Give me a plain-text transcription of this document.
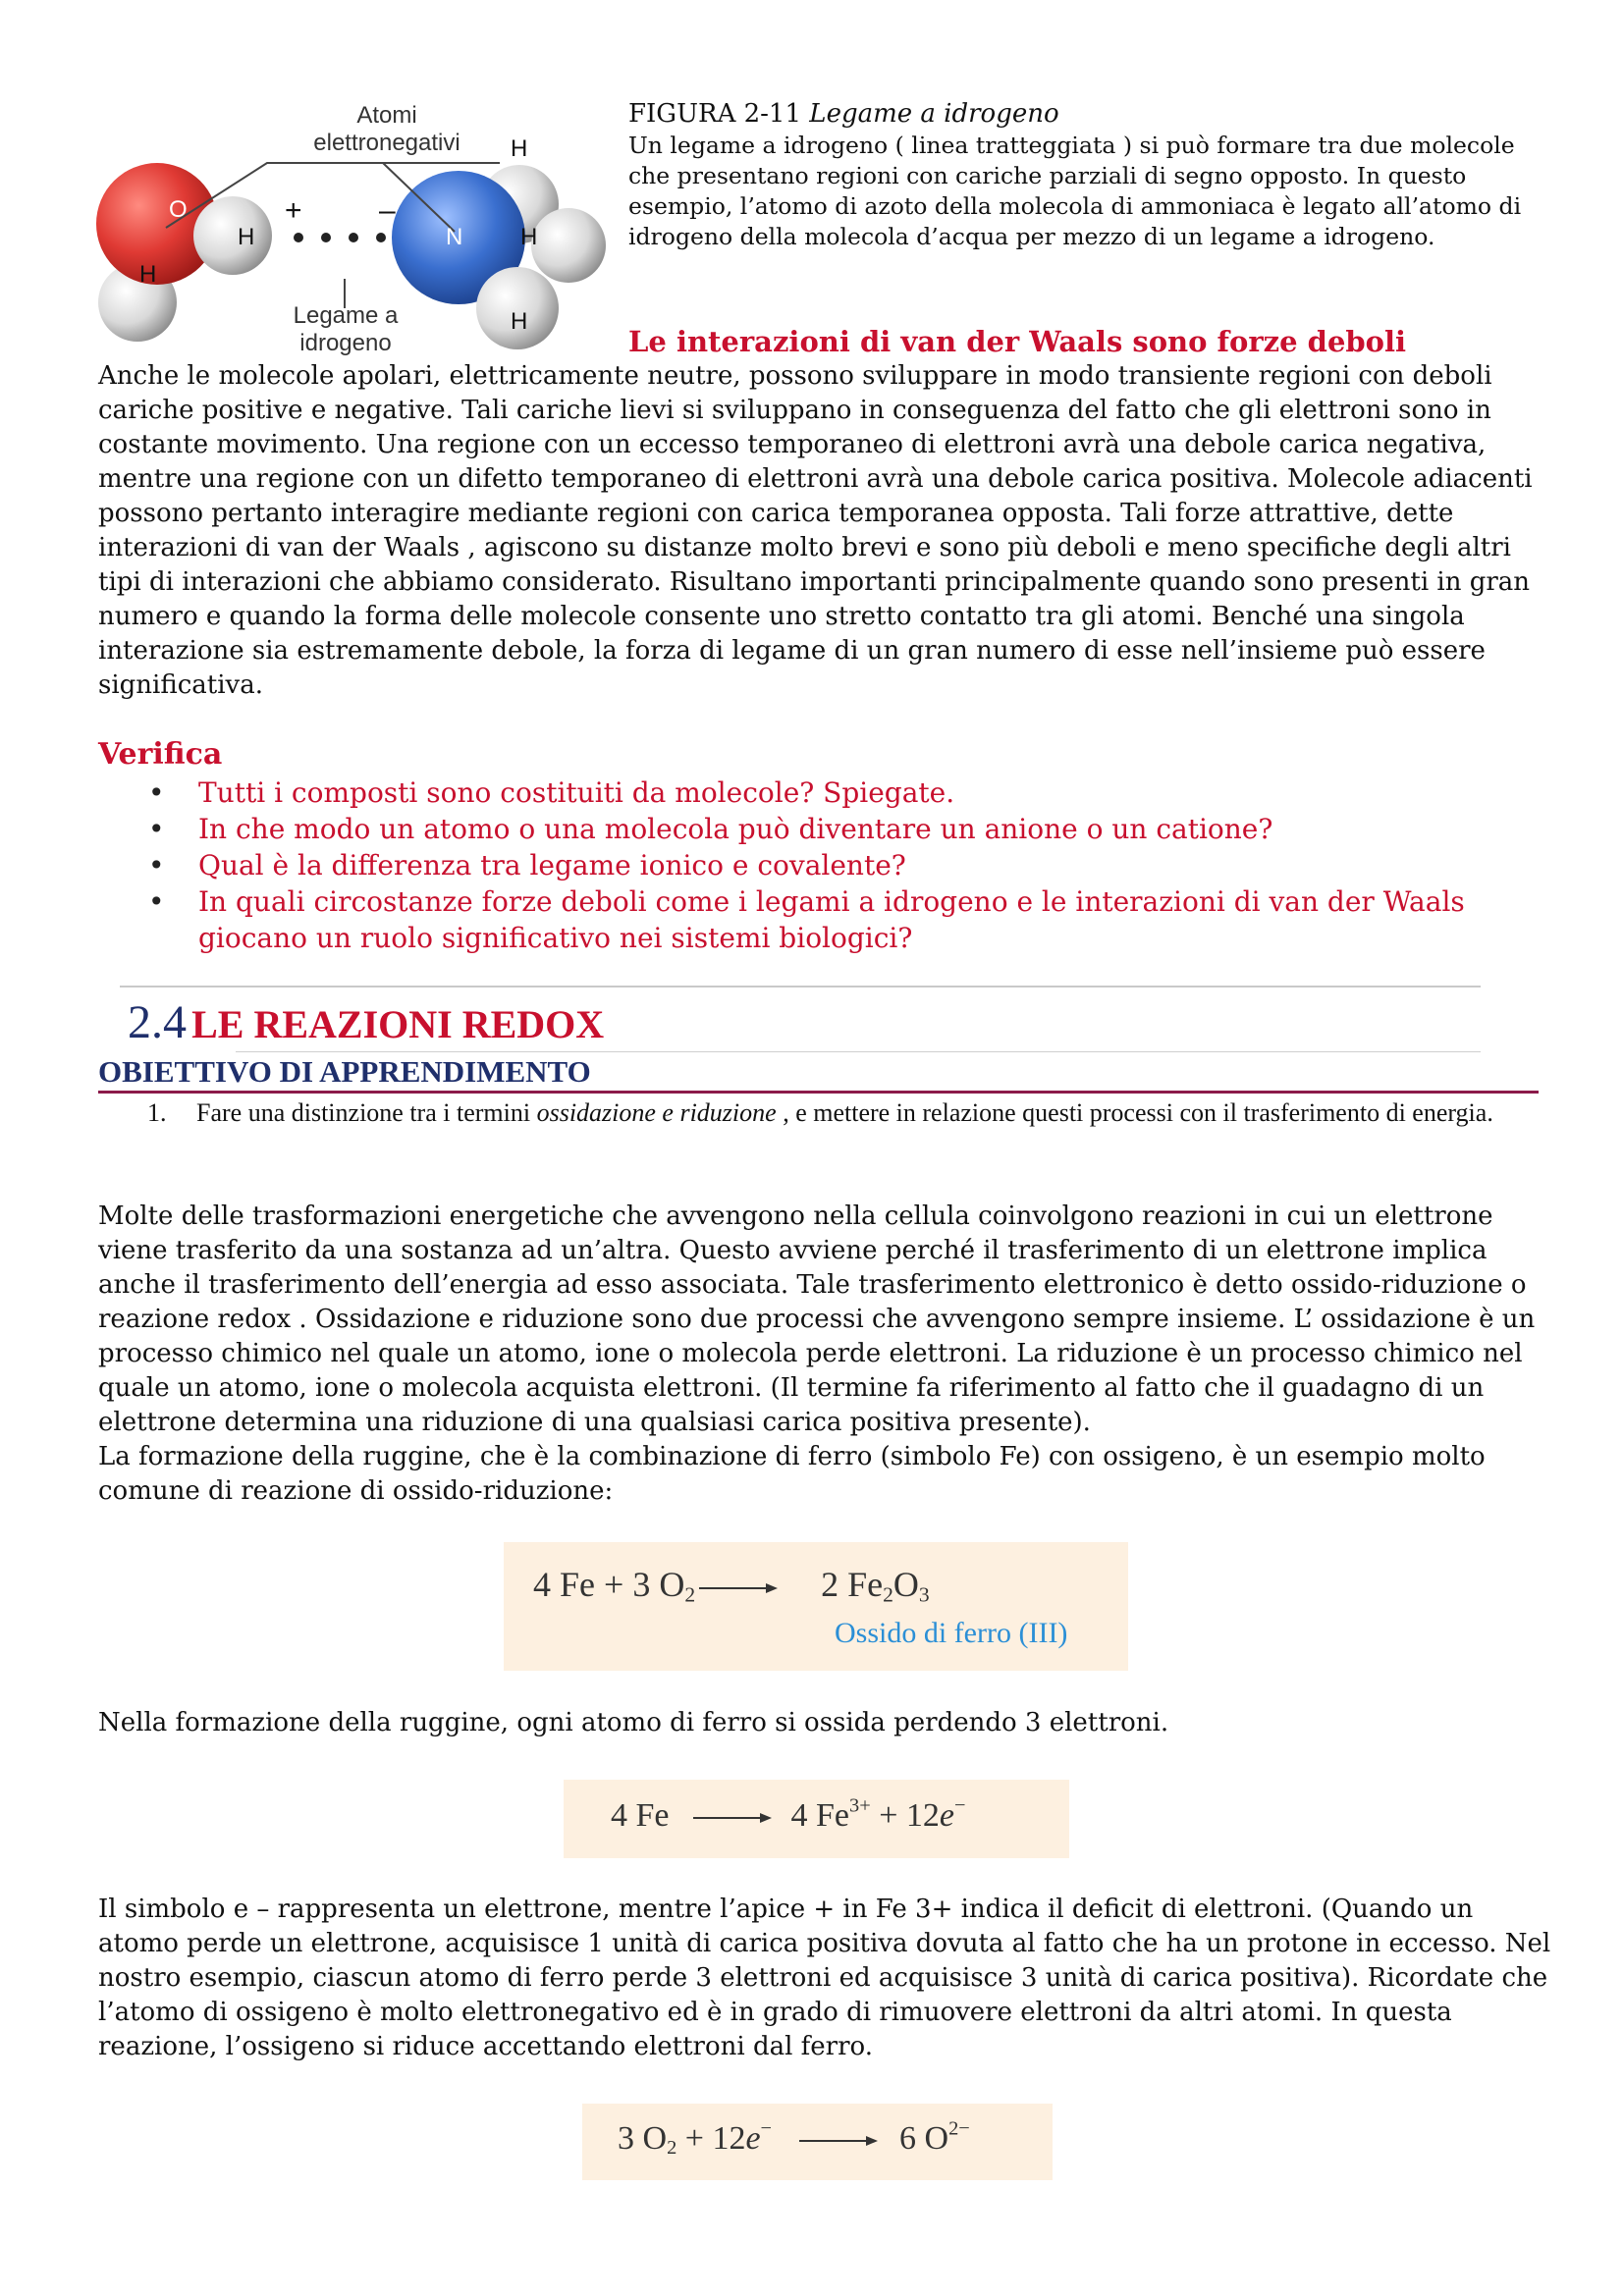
Atomi
elettronegativi
Legame a
idrogeno
+	–
O
H
H
N
H
H
H
FIGURA 2-11 Legame a idrogeno
Un legame a idrogeno ( linea tratteggiata ) si può formare tra due molecole che presentano regioni con cariche parziali di segno opposto. In questo esempio, l’atomo di azoto della molecola di ammoniaca è legato all’atomo di idrogeno della molecola d’acqua per mezzo di un legame a idrogeno.
Le interazioni di van der Waals sono forze deboli
Anche le molecole apolari, elettricamente neutre, possono sviluppare in modo transiente regioni con deboli cariche positive e negative. Tali cariche lievi si sviluppano in conseguenza del fatto che gli elettroni sono in costante movimento. Una regione con un eccesso temporaneo di elettroni avrà una debole carica negativa, mentre una regione con un difetto temporaneo di elettroni avrà una debole carica positiva. Molecole adiacenti possono pertanto interagire mediante regioni con carica temporanea opposta. Tali forze attrattive, dette interazioni di van der Waals , agiscono su distanze molto brevi e sono più deboli e meno specifiche degli altri tipi di interazioni che abbiamo considerato. Risultano importanti principalmente quando sono presenti in gran numero e quando la forma delle molecole consente uno stretto contatto tra gli atomi. Benché una singola interazione sia estremamente debole, la forza di legame di un gran numero di esse nell’insieme può essere significativa.
Verifica
• Tutti i composti sono costituiti da molecole? Spiegate.
• In che modo un atomo o una molecola può diventare un anione o un catione?
• Qual è la differenza tra legame ionico e covalente?
• In quali circostanze forze deboli come i legami a idrogeno e le interazioni di van der Waals giocano un ruolo significativo nei sistemi biologici?
2.4 LE REAZIONI REDOX
OBIETTIVO DI APPRENDIMENTO
1.	Fare una distinzione tra i termini ossidazione e riduzione , e mettere in relazione questi processi con il trasferimento di energia.
Molte delle trasformazioni energetiche che avvengono nella cellula coinvolgono reazioni in cui un elettrone viene trasferito da una sostanza ad un’altra. Questo avviene perché il trasferimento di un elettrone implica anche il trasferimento dell’energia ad esso associata. Tale trasferimento elettronico è detto ossido-riduzione o reazione redox . Ossidazione e riduzione sono due processi che avvengono sempre insieme. L’ ossidazione è un processo chimico nel quale un atomo, ione o molecola perde elettroni. La riduzione è un processo chimico nel quale un atomo, ione o molecola acquista elettroni. (Il termine fa riferimento al fatto che il guadagno di un elettrone determina una riduzione di una qualsiasi carica positiva presente).
La formazione della ruggine, che è la combinazione di ferro (simbolo Fe) con ossigeno, è un esempio molto comune di reazione di ossido-riduzione:
4 Fe + 3 $O_2$	2 $Fe_2O_3$
Ossido di ferro (III)
Nella formazione della ruggine, ogni atomo di ferro si ossida perdendo 3 elettroni.
4 Fe	4 $Fe^{3+} + 12e^-$
Il simbolo e – rappresenta un elettrone, mentre l’apice + in Fe 3+ indica il deficit di elettroni. (Quando un atomo perde un elettrone, acquisisce 1 unità di carica positiva dovuta al fatto che ha un protone in eccesso. Nel nostro esempio, ciascun atomo di ferro perde 3 elettroni ed acquisisce 3 unità di carica positiva). Ricordate che l’atomo di ossigeno è molto elettronegativo ed è in grado di rimuovere elettroni da altri atomi. In questa reazione, l’ossigeno si riduce accettando elettroni dal ferro.
3 $O_2 + 12e^-$	6 $O^{2-}$
